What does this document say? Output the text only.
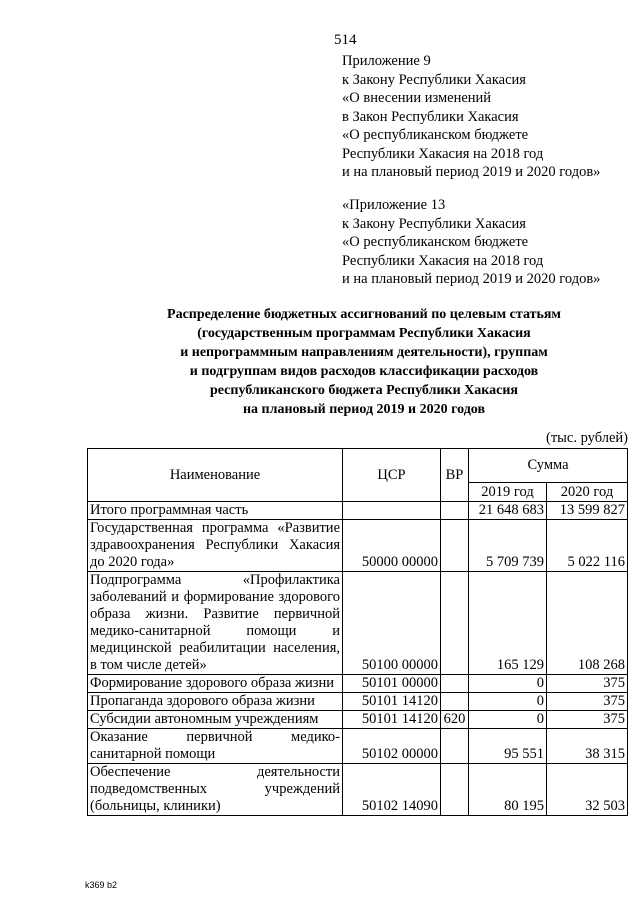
514
Приложение 9
к Закону Республики Хакасия
«О внесении изменений
в Закон Республики Хакасия
«О республиканском бюджете
Республики Хакасия на 2018 год
и на плановый период 2019 и 2020 годов»
«Приложение 13
к Закону Республики Хакасия
«О республиканском бюджете
Республики Хакасия на 2018 год
и на плановый период 2019 и 2020 годов»
Распределение бюджетных ассигнований по целевым статьям
(государственным программам Республики Хакасия
и непрограммным направлениям деятельности), группам
и подгруппам видов расходов классификации расходов
республиканского бюджета Республики Хакасия
на плановый период 2019 и 2020 годов
(тыс. рублей)
Наименование	ЦСР	ВР	Сумма	
			2019 год	2020 год
Итого программная часть			21 648 683	13 599 827
Государственная программа «Развитие здравоохранения Республики Хакасия до 2020 года»	50000 00000		5 709 739	5 022 116
Подпрограмма «Профилактика заболеваний и формирование здорового образа жизни. Развитие первичной медико-санитарной помощи и медицинской реабилитации населения, в том числе детей»	50100 00000		165 129	108 268
Формирование здорового образа жизни	50101 00000		0	375
Пропаганда здорового образа жизни	50101 14120		0	375
Субсидии автономным учреждениям	50101 14120	620	0	375
Оказание первичной медико-санитарной помощи	50102 00000		95 551	38 315
Обеспечение деятельности подведомственных учреждений (больницы, клиники)	50102 14090		80 195	32 503
k369 b2
